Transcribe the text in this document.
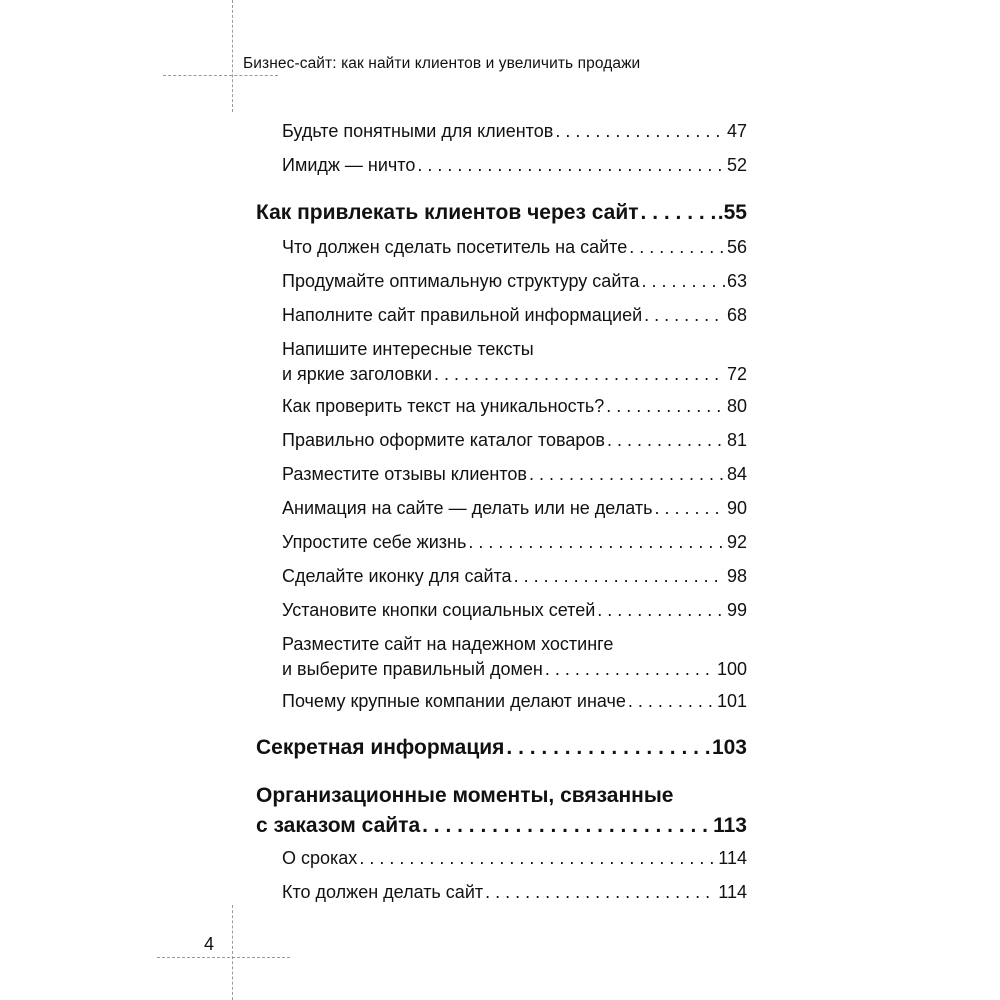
Бизнес-сайт: как найти клиентов и увеличить продажи
Будьте понятными для клиентов . . .	47
Имидж — ничто . . .	52
Как привлекать клиентов через сайт . . .	.55
Что должен сделать посетитель на сайте . . .	56
Продумайте оптимальную структуру сайта . . .	63
Наполните сайт правильной информацией . . .	68
Напишите интересные тексты
и яркие заголовки . . .	72
Как проверить текст на уникальность? . . .	80
Правильно оформите каталог товаров . . .	81
Разместите отзывы клиентов . . .	84
Анимация на сайте — делать или не делать . . .	90
Упростите себе жизнь . . .	92
Сделайте иконку для сайта . . .	98
Установите кнопки социальных сетей . . .	99
Разместите сайт на надежном хостинге
и выберите правильный домен . . .	100
Почему крупные компании делают иначе . . .	101
Секретная информация . . .	103
Организационные моменты, связанные
с заказом сайта . . .	113
О сроках . . .	114
Кто должен делать сайт . . .	114
4
